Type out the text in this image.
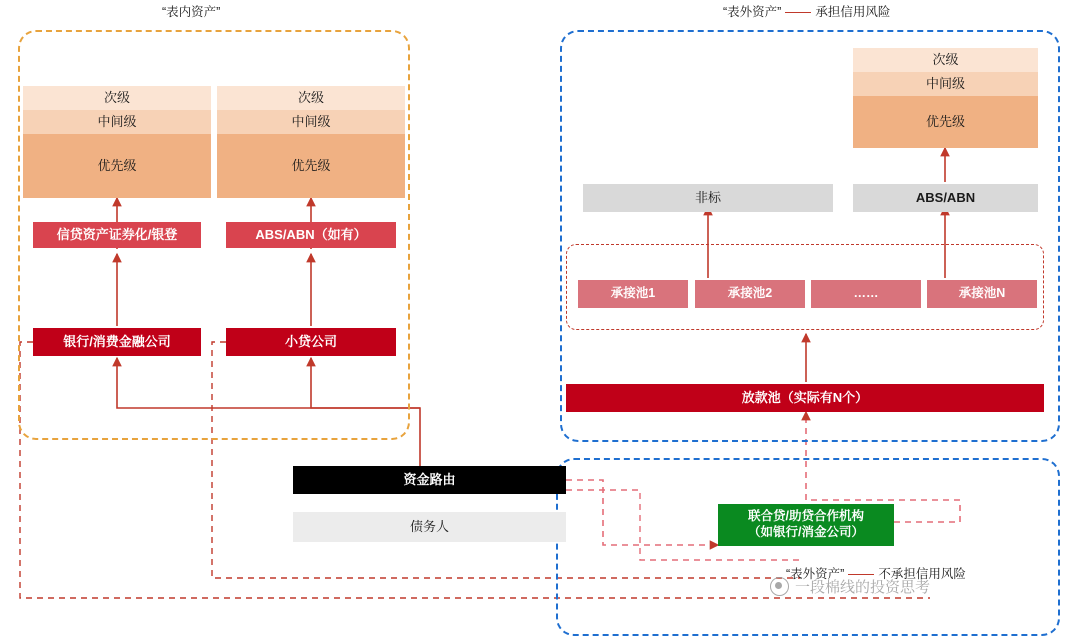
“表内资产”	“表外资产”	承担信用风险
“表外资产”	不承担信用风险
次级
中间级
优先级
次级
中间级
优先级
信贷资产证券化/银登	ABS/ABN（如有）
银行/消费金融公司	小贷公司
次级
中间级
优先级
非标	ABS/ABN
承接池1	承接池2	……	承接池N
放款池（实际有N个）
资金路由
债务人
联合贷/助贷合作机构
（如银行/消金公司）
一段棉线的投资思考
